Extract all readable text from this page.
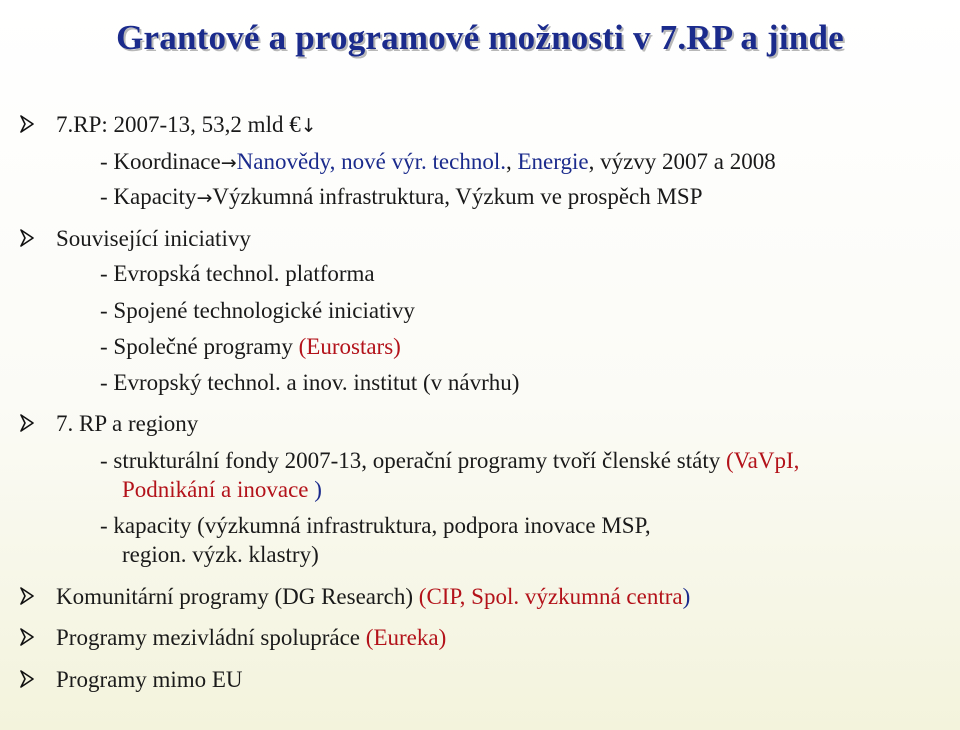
Grantové a programové možnosti v 7.RP a jinde
7.RP: 2007-13, 53,2 mld €↓
- Koordinace→Nanovědy, nové výr. technol., Energie, výzvy 2007 a 2008
- Kapacity→Výzkumná infrastruktura, Výzkum ve prospěch MSP
Související iniciativy
- Evropská technol. platforma
- Spojené technologické iniciativy
- Společné programy (Eurostars)
- Evropský technol. a inov. institut (v návrhu)
7. RP a regiony
- strukturální fondy 2007-13, operační programy tvoří členské státy (VaVpI,
Podnikání a inovace )
- kapacity (výzkumná infrastruktura, podpora inovace MSP,
region. výzk. klastry)
Komunitární programy (DG Research) (CIP, Spol. výzkumná centra)
Programy mezivládní spolupráce (Eureka)
Programy mimo EU
